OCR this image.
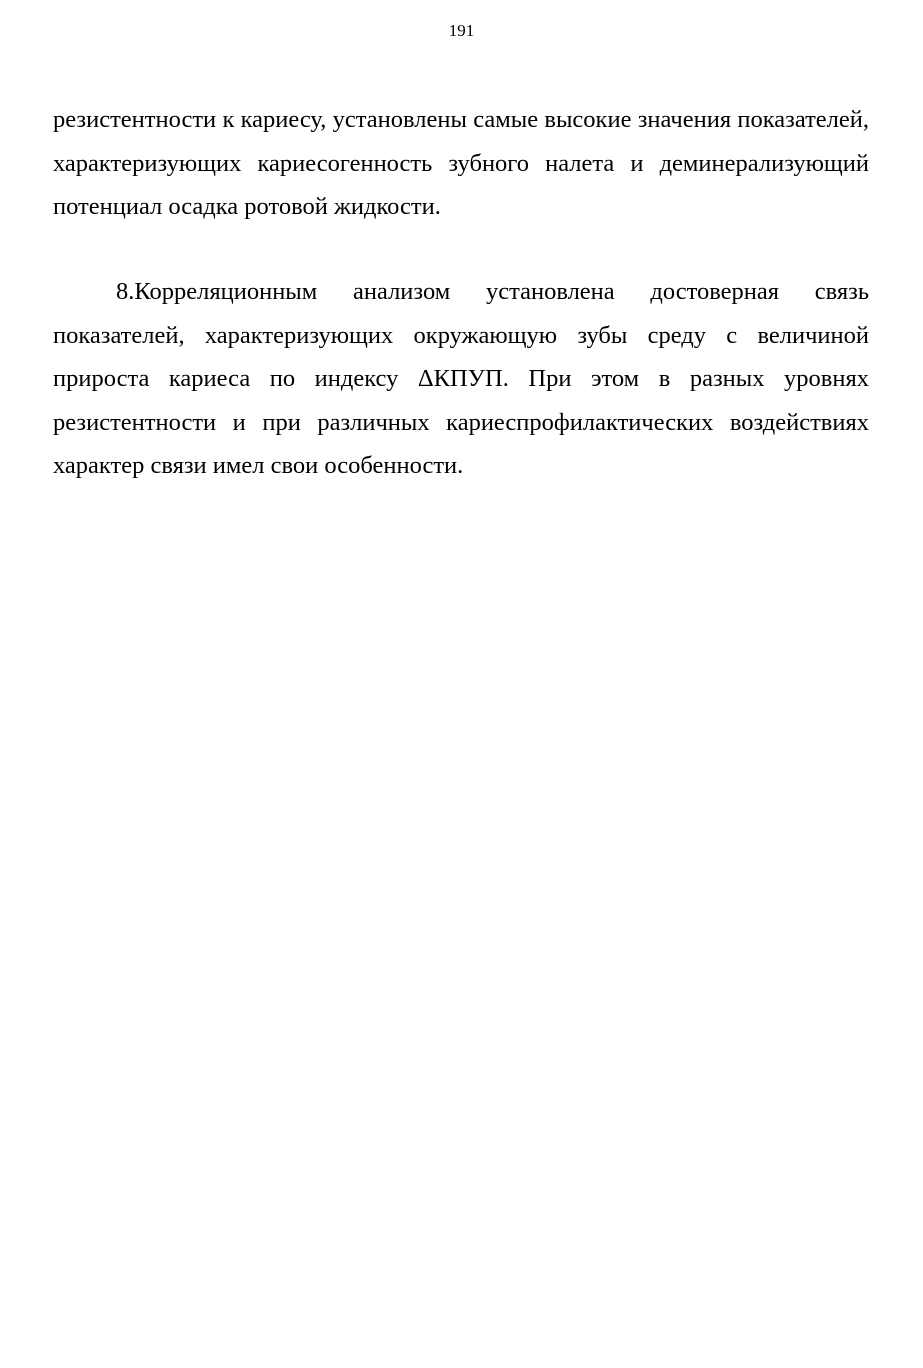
191

резистентности к кариесу, установлены самые высокие значения показателей, характеризующих кариесогенность зубного налета и деминерализующий потенциал осадка ротовой жидкости.

8.Корреляционным анализом установлена достоверная связь показателей, характеризующих окружающую зубы среду с величиной прироста кариеса по индексу ΔКПУП. При этом в разных уровнях резистентности и при различных кариеспрофилактических воздействиях характер связи имел свои особенности.
